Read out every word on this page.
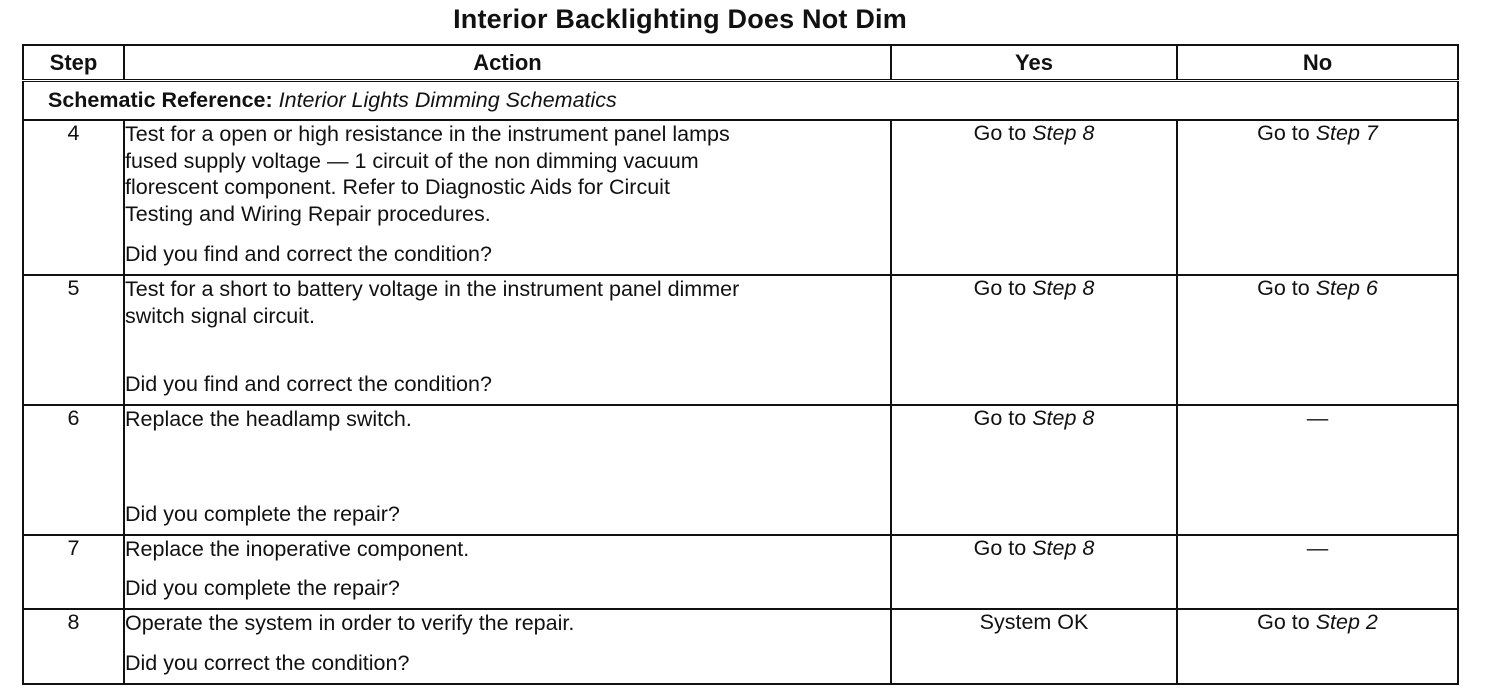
Interior Backlighting Does Not Dim
Step	Action	Yes	No
Schematic Reference: Interior Lights Dimming Schematics			
4	Test for a open or high resistance in the instrument panel lamps
fused supply voltage — 1 circuit of the non dimming vacuum
florescent component. Refer to Diagnostic Aids for Circuit
Testing and Wiring Repair procedures.
Did you find and correct the condition?	Go to Step 8	Go to Step 7
5	Test for a short to battery voltage in the instrument panel dimmer
switch signal circuit.
Did you find and correct the condition?	Go to Step 8	Go to Step 6
6	Replace the headlamp switch.
Did you complete the repair?	Go to Step 8	—
7	Replace the inoperative component.
Did you complete the repair?	Go to Step 8	—
8	Operate the system in order to verify the repair.
Did you correct the condition?	System OK	Go to Step 2
